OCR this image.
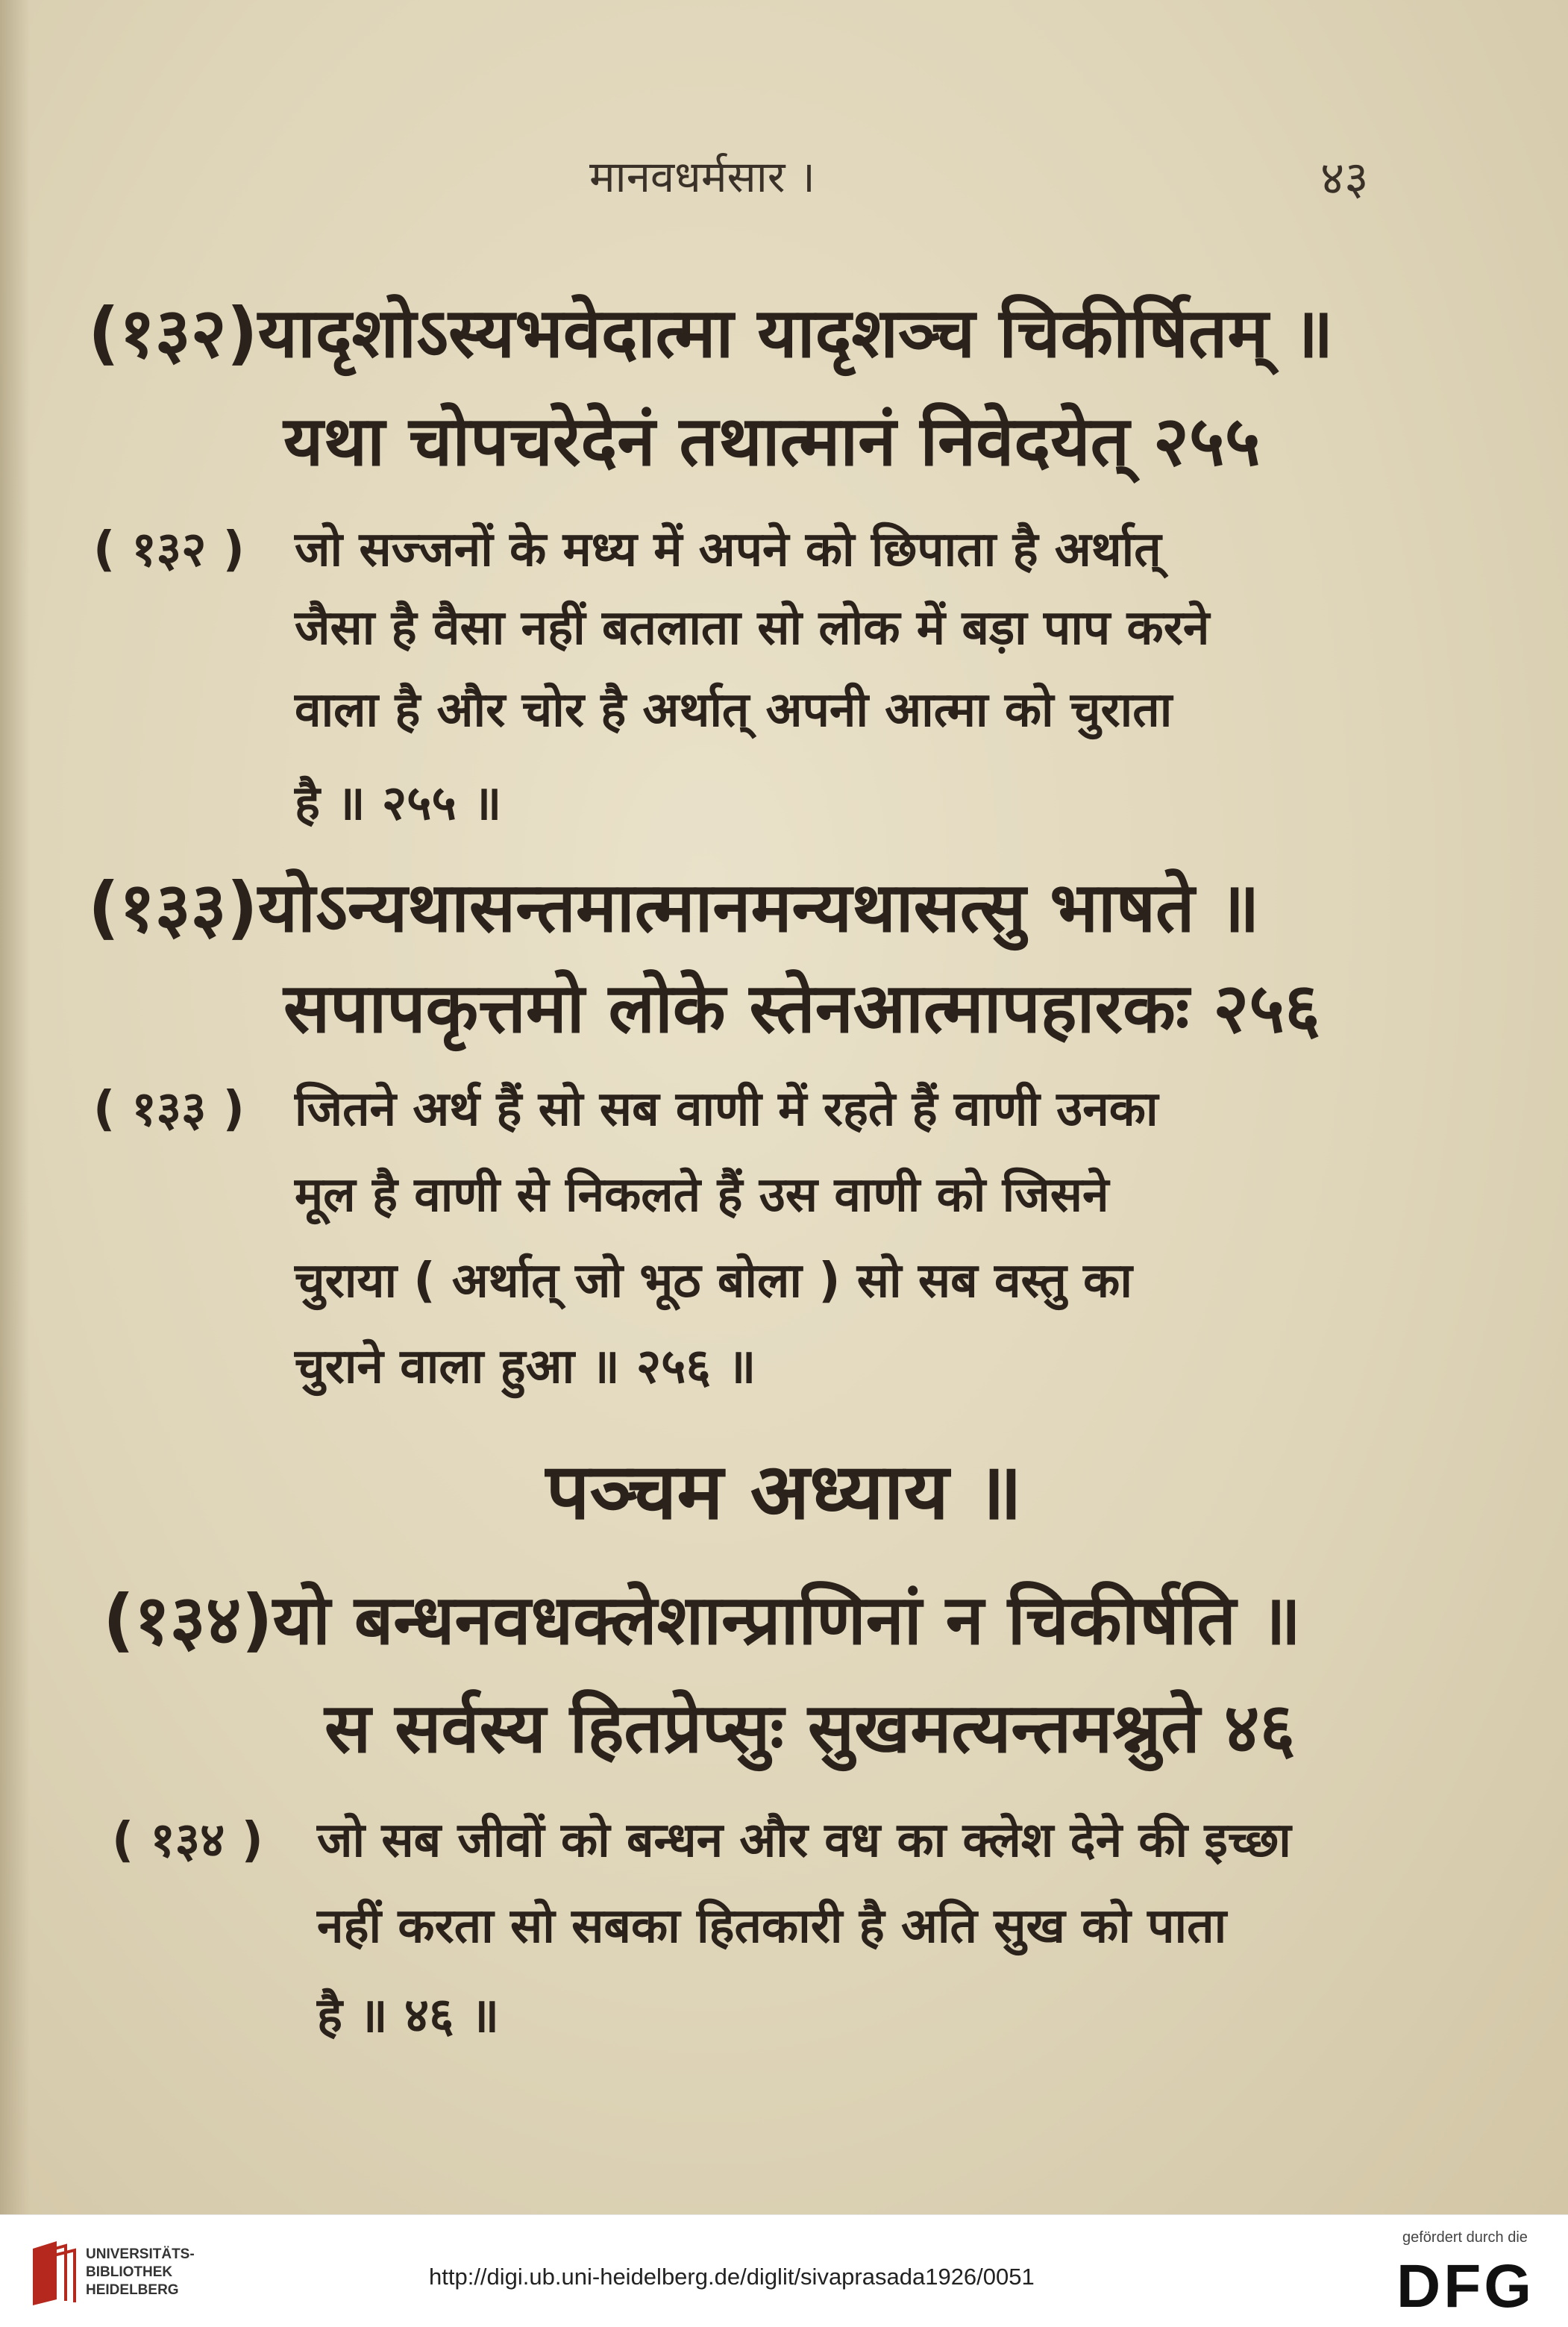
मानवधर्मसार ।	४३
(१३२)यादृशोऽस्यभवेदात्मा यादृशञ्च चिकीर्षितम् ॥
यथा चोपचरेदेनं तथात्मानं निवेदयेत् २५५
( १३२ ) जो सज्जनों के मध्य में अपने को छिपाता है अर्थात्
जैसा है वैसा नहीं बतलाता सो लोक में बड़ा पाप करने
वाला है और चोर है अर्थात् अपनी आत्मा को चुराता
है ॥ २५५ ॥
(१३३)योऽन्यथासन्तमात्मानमन्यथासत्सु भाषते ॥
सपापकृत्तमो लोके स्तेनआत्मापहारकः २५६
( १३३ ) जितने अर्थ हैं सो सब वाणी में रहते हैं वाणी उनका
मूल है वाणी से निकलते हैं उस वाणी को जिसने
चुराया ( अर्थात् जो भूठ बोला ) सो सब वस्तु का
चुराने वाला हुआ ॥ २५६ ॥
पञ्चम अध्याय ॥
(१३४)यो बन्धनवधक्लेशान्प्राणिनां न चिकीर्षति ॥
स सर्वस्य हितप्रेप्सुः सुखमत्यन्तमश्नुते ४६
( १३४ ) जो सब जीवों को बन्धन और वध का क्लेश देने की इच्छा
नहीं करता सो सबका हितकारी है अति सुख को पाता
है ॥ ४६ ॥
UNIVERSITÄTS-
BIBLIOTHEK
HEIDELBERG
http://digi.ub.uni-heidelberg.de/diglit/sivaprasada1926/0051
gefördert durch die
DFG
